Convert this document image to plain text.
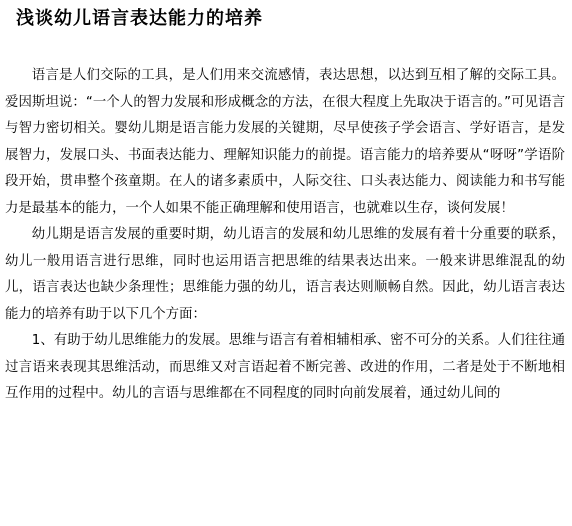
浅谈幼儿语言表达能力的培养

语言是人们交际的工具，是人们用来交流感情，表达思想，以达到互相了解的交际工具。爱因斯坦说：“一个人的智力发展和形成概念的方法，在很大程度上先取决于语言的。”可见语言与智力密切相关。婴幼儿期是语言能力发展的关键期，尽早使孩子学会语言、学好语言，是发展智力，发展口头、书面表达能力、理解知识能力的前提。语言能力的培养要从“呀呀”学语阶段开始，贯串整个孩童期。在人的诸多素质中，人际交往、口头表达能力、阅读能力和书写能力是最基本的能力，一个人如果不能正确理解和使用语言，也就难以生存，谈何发展！

幼儿期是语言发展的重要时期，幼儿语言的发展和幼儿思维的发展有着十分重要的联系，幼儿一般用语言进行思维，同时也运用语言把思维的结果表达出来。一般来讲思维混乱的幼儿，语言表达也缺少条理性；思维能力强的幼儿，语言表达则顺畅自然。因此，幼儿语言表达能力的培养有助于以下几个方面：

1、有助于幼儿思维能力的发展。思维与语言有着相辅相承、密不可分的关系。人们往往通过言语来表现其思维活动，而思维又对言语起着不断完善、改进的作用，二者是处于不断地相互作用的过程中。幼儿的言语与思维都在不同程度的同时向前发展着，通过幼儿间的
